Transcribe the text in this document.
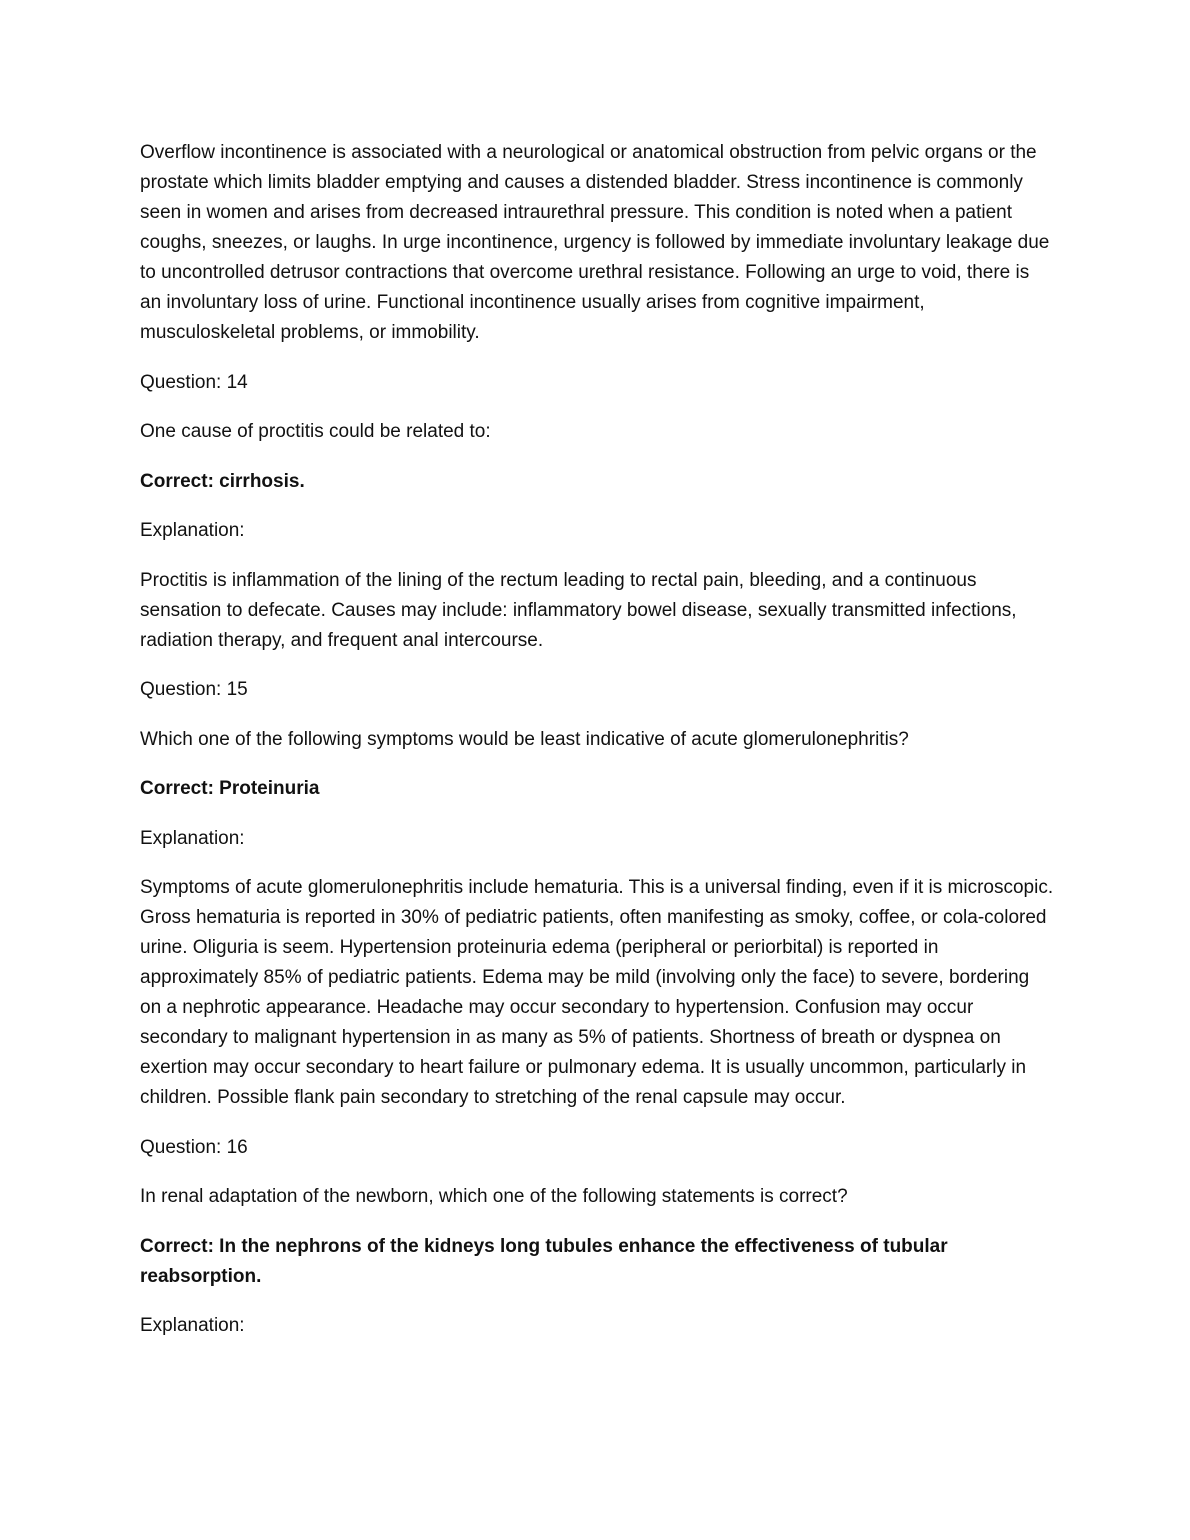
Overflow incontinence is associated with a neurological or anatomical obstruction from pelvic organs or the prostate which limits bladder emptying and causes a distended bladder. Stress incontinence is commonly seen in women and arises from decreased intraurethral pressure. This condition is noted when a patient coughs, sneezes, or laughs. In urge incontinence, urgency is followed by immediate involuntary leakage due to uncontrolled detrusor contractions that overcome urethral resistance. Following an urge to void, there is an involuntary loss of urine. Functional incontinence usually arises from cognitive impairment, musculoskeletal problems, or immobility.

Question: 14

One cause of proctitis could be related to:

Correct: cirrhosis.

Explanation:

Proctitis is inflammation of the lining of the rectum leading to rectal pain, bleeding, and a continuous sensation to defecate. Causes may include: inflammatory bowel disease, sexually transmitted infections, radiation therapy, and frequent anal intercourse.

Question: 15

Which one of the following symptoms would be least indicative of acute glomerulonephritis?

Correct: Proteinuria

Explanation:

Symptoms of acute glomerulonephritis include hematuria. This is a universal finding, even if it is microscopic. Gross hematuria is reported in 30% of pediatric patients, often manifesting as smoky, coffee, or cola-colored urine. Oliguria is seem. Hypertension proteinuria edema (peripheral or periorbital) is reported in approximately 85% of pediatric patients. Edema may be mild (involving only the face) to severe, bordering on a nephrotic appearance. Headache may occur secondary to hypertension. Confusion may occur secondary to malignant hypertension in as many as 5% of patients. Shortness of breath or dyspnea on exertion may occur secondary to heart failure or pulmonary edema. It is usually uncommon, particularly in children. Possible flank pain secondary to stretching of the renal capsule may occur.

Question: 16

In renal adaptation of the newborn, which one of the following statements is correct?

Correct: In the nephrons of the kidneys long tubules enhance the effectiveness of tubular reabsorption.

Explanation:
